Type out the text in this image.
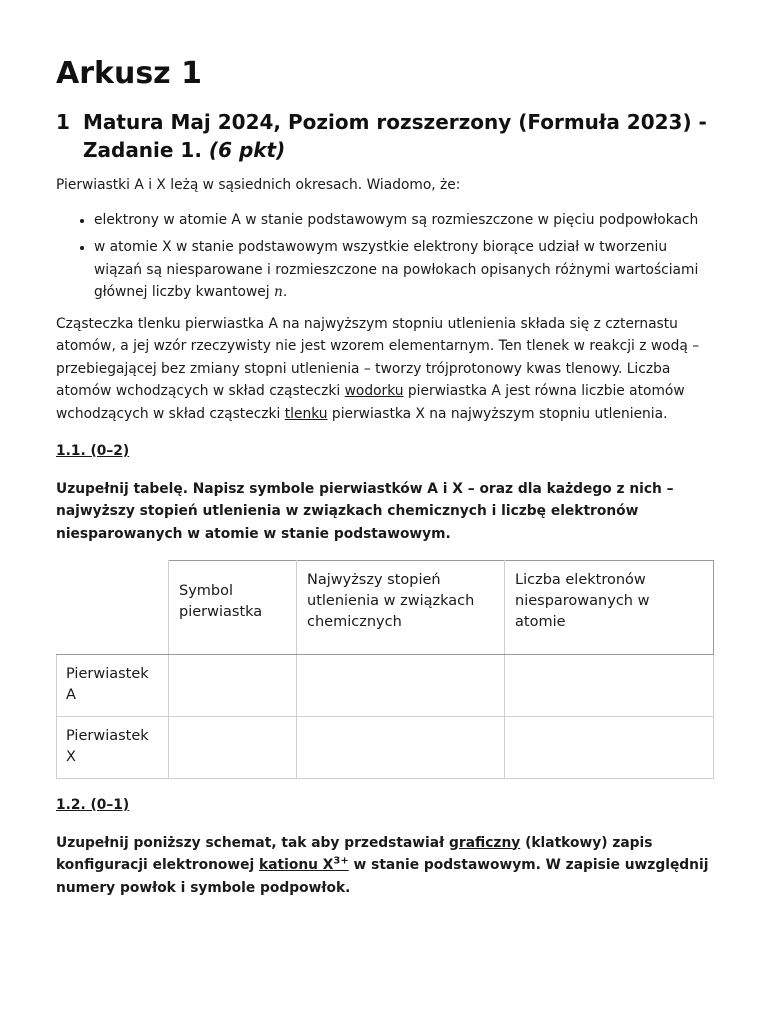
Arkusz 1
1 Matura Maj 2024, Poziom rozszerzony (Formuła 2023) - Zadanie 1. (6 pkt)

Pierwiastki A i X leżą w sąsiednich okresach. Wiadomo, że:

• elektrony w atomie A w stanie podstawowym są rozmieszczone w pięciu podpowłokach
• w atomie X w stanie podstawowym wszystkie elektrony biorące udział w tworzeniu wiązań są niesparowane i rozmieszczone na powłokach opisanych różnymi wartościami głównej liczby kwantowej n.

Cząsteczka tlenku pierwiastka A na najwyższym stopniu utlenienia składa się z czternastu atomów, a jej wzór rzeczywisty nie jest wzorem elementarnym. Ten tlenek w reakcji z wodą – przebiegającej bez zmiany stopni utlenienia – tworzy trójprotonowy kwas tlenowy. Liczba atomów wchodzących w skład cząsteczki wodorku pierwiastka A jest równa liczbie atomów wchodzących w skład cząsteczki tlenku pierwiastka X na najwyższym stopniu utlenienia.

1.1. (0–2)

Uzupełnij tabelę. Napisz symbole pierwiastków A i X – oraz dla każdego z nich – najwyższy stopień utlenienia w związkach chemicznych i liczbę elektronów niesparowanych w atomie w stanie podstawowym.

	Symbol pierwiastka	Najwyższy stopień utlenienia w związkach chemicznych	Liczba elektronów niesparowanych w atomie
Pierwiastek A			
Pierwiastek X			

1.2. (0–1)

Uzupełnij poniższy schemat, tak aby przedstawiał graficzny (klatkowy) zapis konfiguracji elektronowej kationu $X^{3+}$ w stanie podstawowym. W zapisie uwzględnij numery powłok i symbole podpowłok.
